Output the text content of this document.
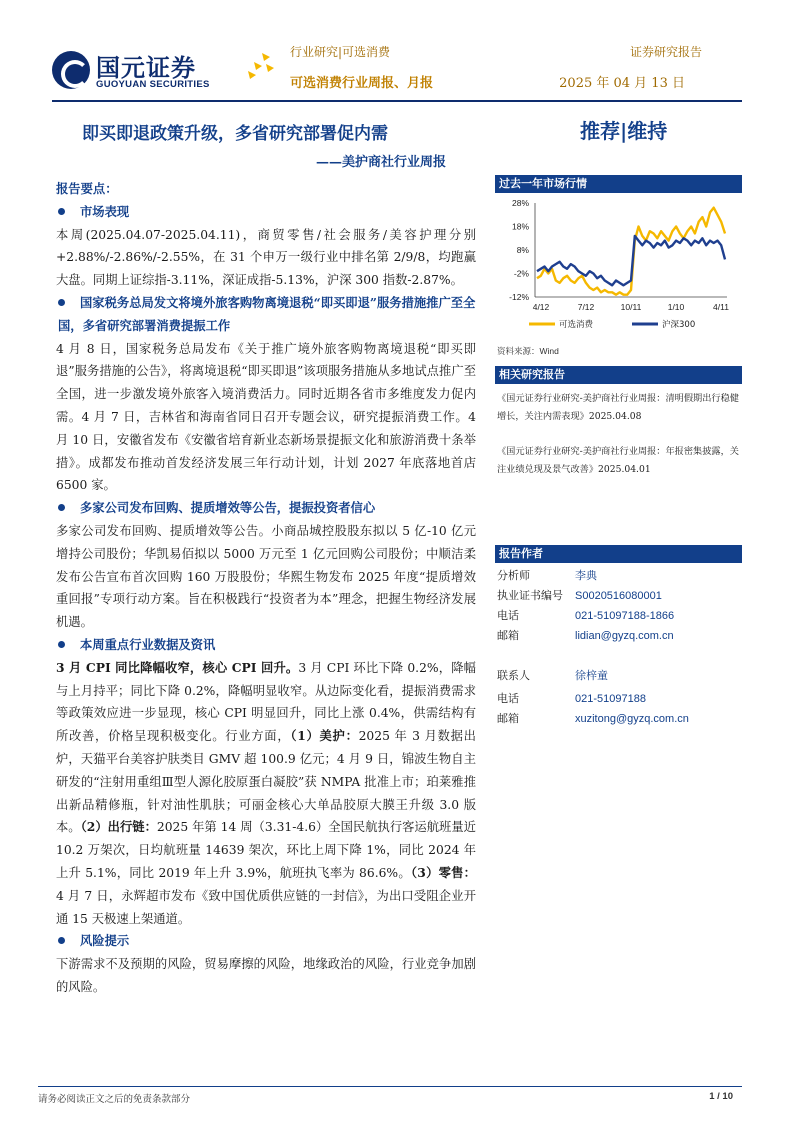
国元证券
GUOYUAN SECURITIES
行业研究|可选消费
可选消费行业周报、月报
证券研究报告
2025 年 04 月 13 日
即买即退政策升级，多省研究部署促内需
——美护商社行业周报
推荐|维持
报告要点：
市场表现
本周(2025.04.07-2025.04.11)，商贸零售/社会服务/美容护理分别+2.88%/-2.86%/-2.55%，在 31 个申万一级行业中排名第 2/9/8，均跑赢大盘。同期上证综指-3.11%，深证成指-5.13%，沪深 300 指数-2.87%。
国家税务总局发文将境外旅客购物离境退税“即买即退”服务措施推广至全国，多省研究部署消费提振工作
4 月 8 日，国家税务总局发布《关于推广境外旅客购物离境退税“即买即退”服务措施的公告》，将离境退税“即买即退”该项服务措施从多地试点推广至全国，进一步激发境外旅客入境消费活力。同时近期各省市多维度发力促内需。4 月 7 日，吉林省和海南省同日召开专题会议，研究提振消费工作。4 月 10 日，安徽省发布《安徽省培育新业态新场景提振文化和旅游消费十条举措》。成都发布推动首发经济发展三年行动计划，计划 2027 年底落地首店 6500 家。
多家公司发布回购、提质增效等公告，提振投资者信心
多家公司发布回购、提质增效等公告。小商品城控股股东拟以 5 亿-10 亿元增持公司股份；华凯易佰拟以 5000 万元至 1 亿元回购公司股份；中顺洁柔发布公告宣布首次回购 160 万股股份；华熙生物发布 2025 年度“提质增效重回报”专项行动方案。旨在积极践行“投资者为本”理念，把握生物经济发展机遇。
本周重点行业数据及资讯
3 月 CPI 同比降幅收窄，核心 CPI 回升。3 月 CPI 环比下降 0.2%，降幅与上月持平；同比下降 0.2%，降幅明显收窄。从边际变化看，提振消费需求等政策效应进一步显现，核心 CPI 明显回升，同比上涨 0.4%，供需结构有所改善，价格呈现积极变化。行业方面，（1）美护：2025 年 3 月数据出炉，天猫平台美容护肤类目 GMV 超 100.9 亿元；4 月 9 日，锦波生物自主研发的“注射用重组Ⅲ型人源化胶原蛋白凝胶”获 NMPA 批准上市；珀莱雅推出新品精修瓶，针对油性肌肤；可丽金核心大单品胶原大膜王升级 3.0 版本。（2）出行链：2025 年第 14 周（3.31-4.6）全国民航执行客运航班量近 10.2 万架次，日均航班量 14639 架次，环比上周下降 1%，同比 2024 年上升 5.1%，同比 2019 年上升 3.9%，航班执飞率为 86.6%。（3）零售：4 月 7 日，永辉超市发布《致中国优质供应链的一封信》，为出口受阻企业开通 15 天极速上架通道。
风险提示
下游需求不及预期的风险，贸易摩擦的风险，地缘政治的风险，行业竞争加剧的风险。
过去一年市场行情
28%
18%
8%
-2%
-12%
4/12	7/12	10/11	1/10	4/11
可选消费	沪深300
资料来源：Wind
相关研究报告
《国元证券行业研究-美护商社行业周报：清明假期出行稳健增长，关注内需表现》2025.04.08
《国元证券行业研究-美护商社行业周报：年报密集披露，关注业绩兑现及景气改善》2025.04.01
报告作者
分析师	李典
执业证书编号 S0020516080001
电话	021-51097188-1866
邮箱	lidian@gyzq.com.cn
联系人	徐梓童
电话	021-51097188
邮箱	xuzitong@gyzq.com.cn
请务必阅读正文之后的免责条款部分	1 / 10
